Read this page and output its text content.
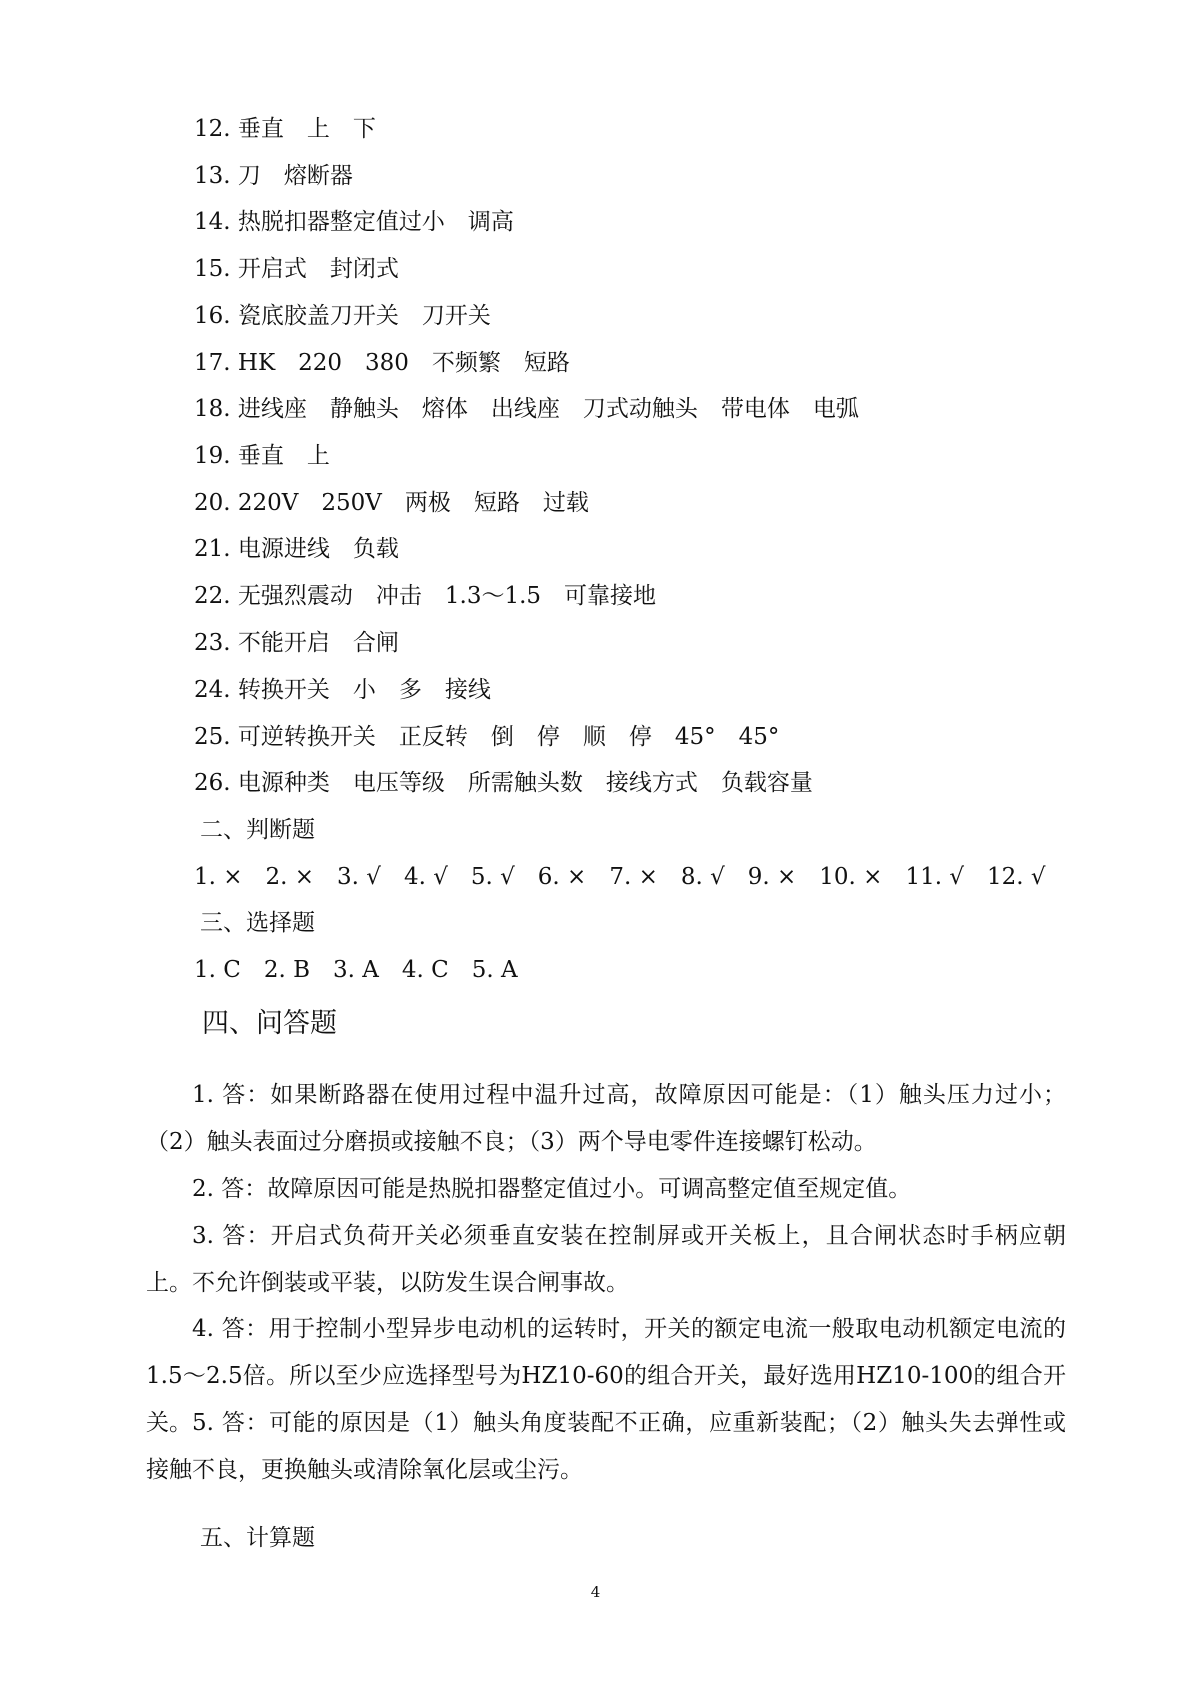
12. 垂直　上　下
13. 刀　熔断器
14. 热脱扣器整定值过小　调高
15. 开启式　封闭式
16. 瓷底胶盖刀开关　刀开关
17. HK　220　380　不频繁　短路
18. 进线座　静触头　熔体　出线座　刀式动触头　带电体　电弧
19. 垂直　上
20. 220V　250V　两极　短路　过载
21. 电源进线　负载
22. 无强烈震动　冲击　1.3～1.5　可靠接地
23. 不能开启　合闸
24. 转换开关　小　多　接线
25. 可逆转换开关　正反转　倒　停　顺　停　45°　45°
26. 电源种类　电压等级　所需触头数　接线方式　负载容量
二、判断题
1. ×　2. ×　3. √　4. √　5. √　6. ×　7. ×　8. √　9. ×　10. ×　11. √　12. √
三、选择题
1. C　2. B　3. A　4. C　5. A
四、问答题
1. 答：如果断路器在使用过程中温升过高，故障原因可能是：（1）触头压力过小；（2）触头表面过分磨损或接触不良；（3）两个导电零件连接螺钉松动。
2. 答：故障原因可能是热脱扣器整定值过小。可调高整定值至规定值。
3. 答：开启式负荷开关必须垂直安装在控制屏或开关板上，且合闸状态时手柄应朝上。不允许倒装或平装，以防发生误合闸事故。
4. 答：用于控制小型异步电动机的运转时，开关的额定电流一般取电动机额定电流的1.5～2.5倍。所以至少应选择型号为HZ10-60的组合开关，最好选用HZ10-100的组合开关。 5. 答：可能的原因是（1）触头角度装配不正确，应重新装配；（2）触头失去弹性或接触不良，更换触头或清除氧化层或尘污。
五、计算题
4
